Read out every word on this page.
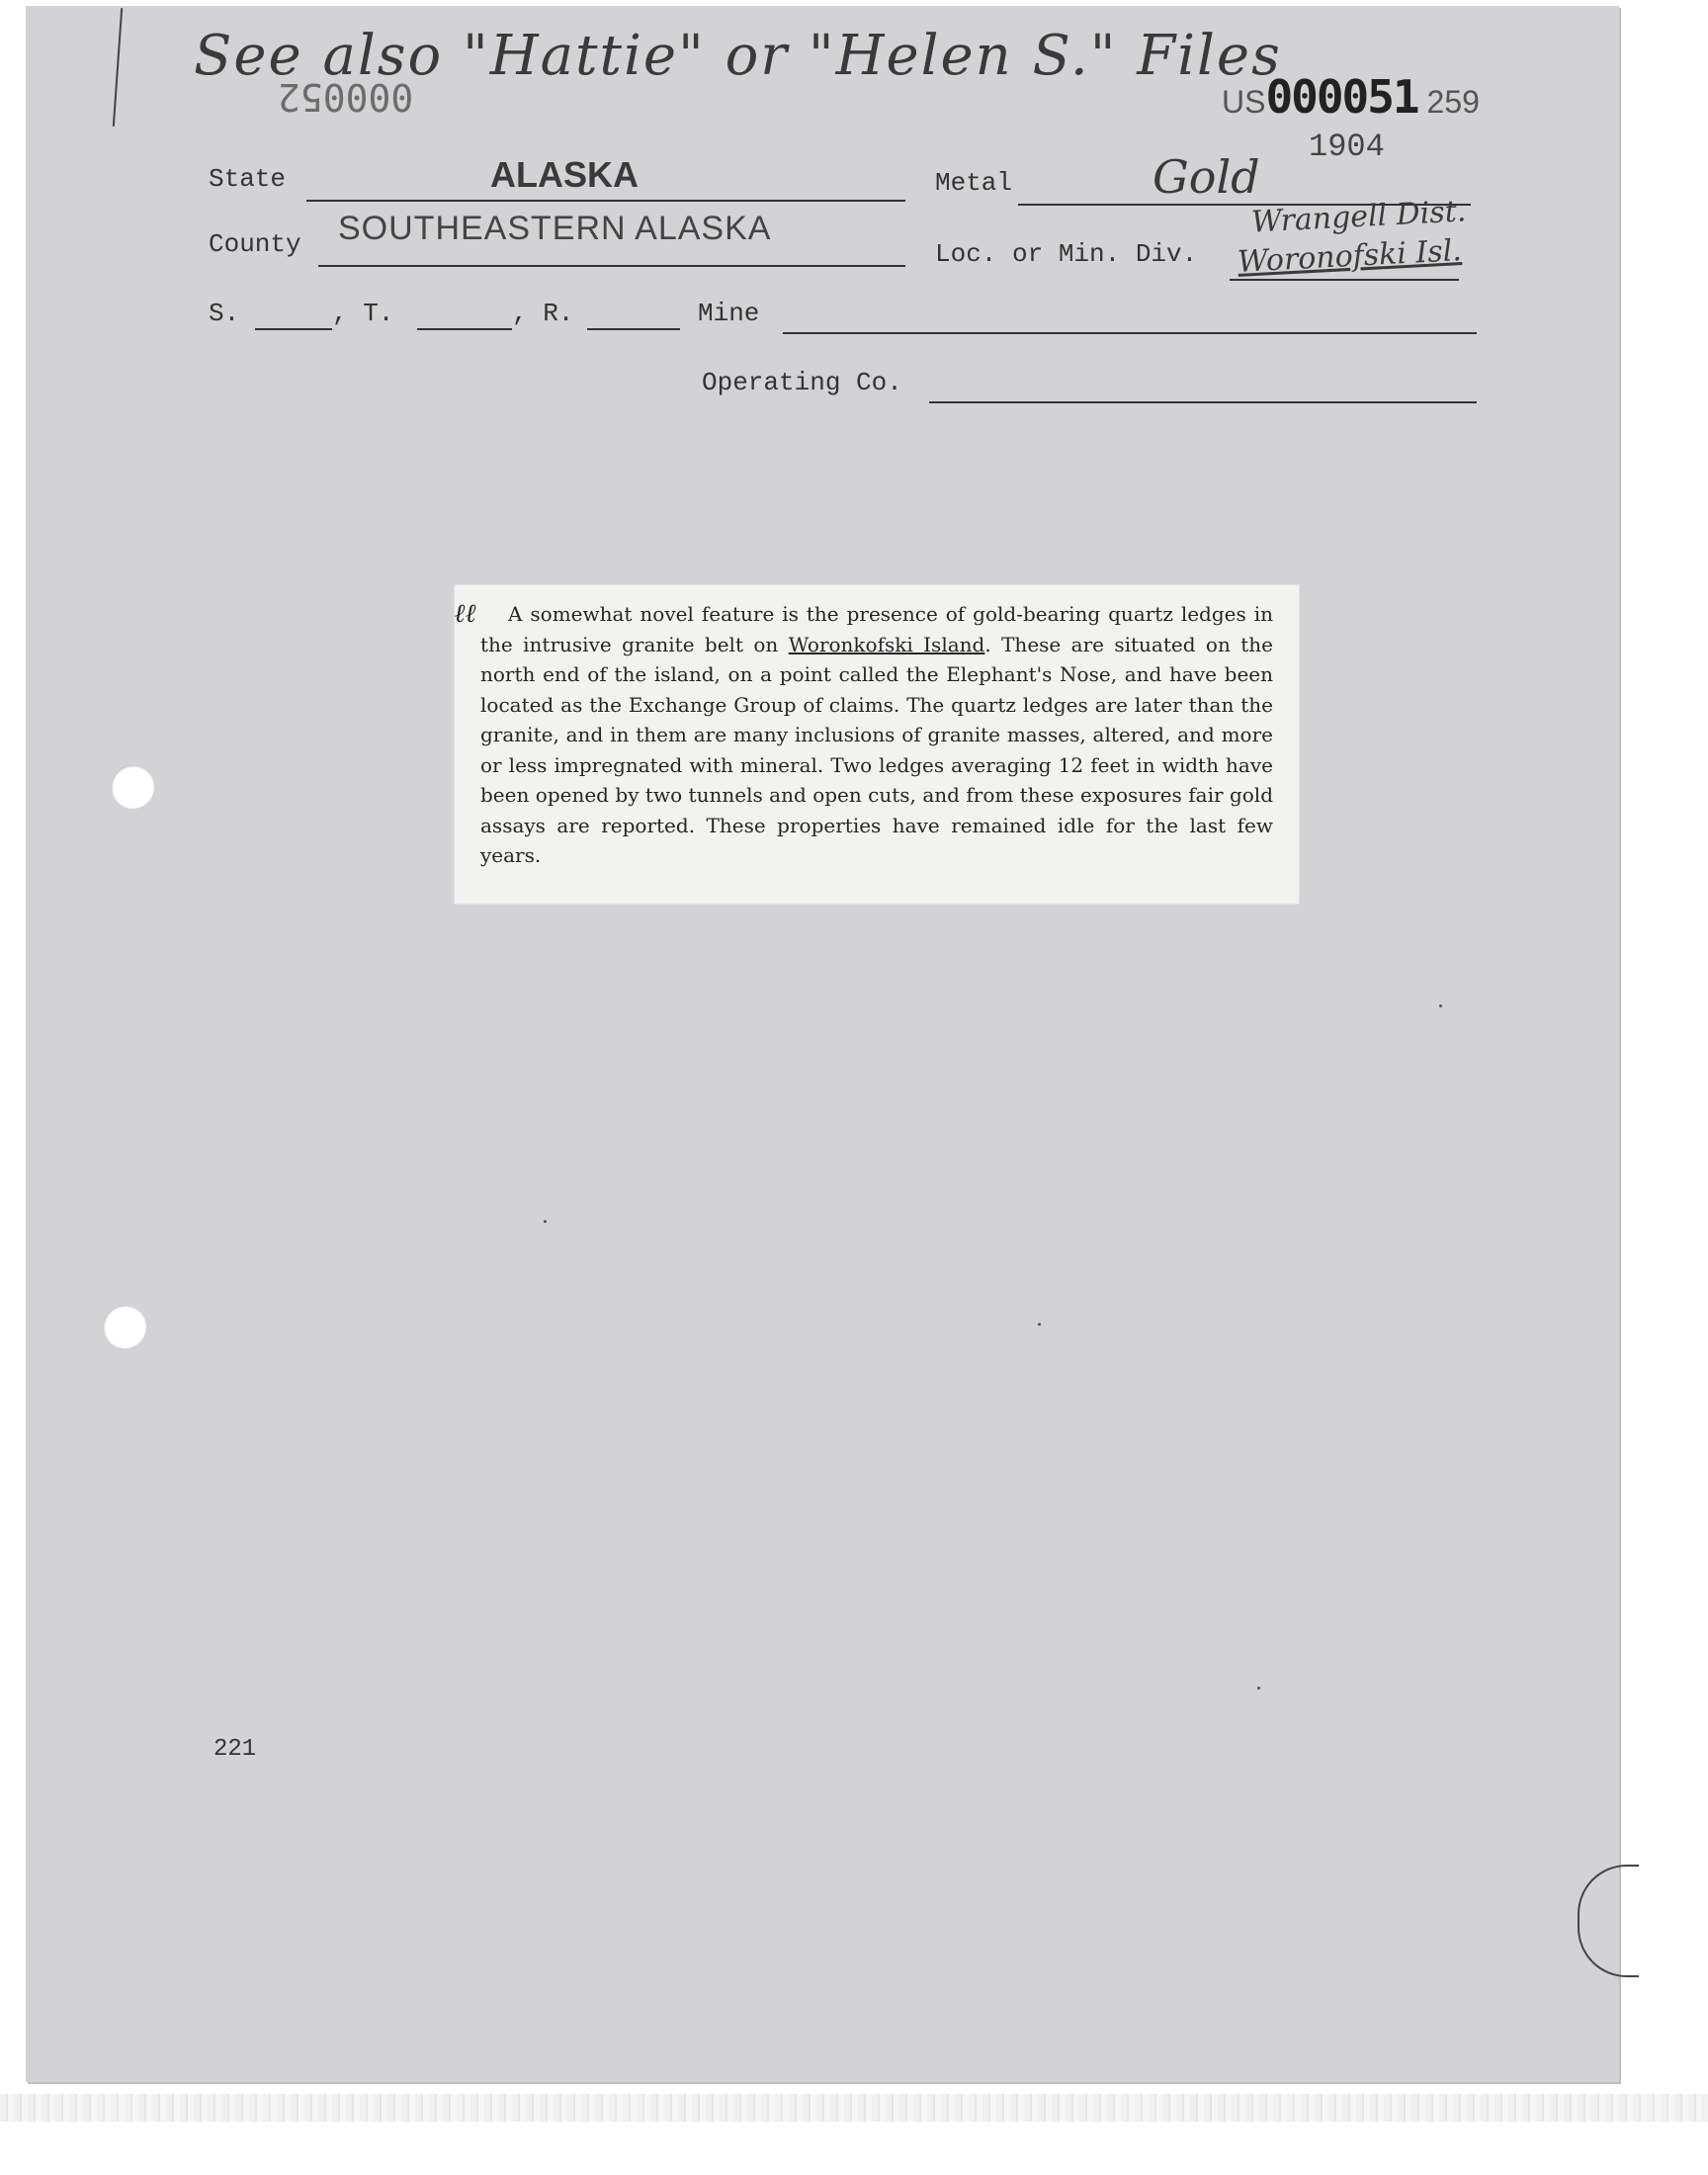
See also "Hattie" or "Helen S." Files
000052	US000051 259
1904
State	ALASKA	Metal	Gold
County SOUTHEASTERN ALASKA
Loc. or Min. Div.
Wrangell Dist.
Woronofski Isl.
S.	, T.	, R.	Mine
Operating Co.
ℓℓ	A somewhat novel feature is the presence of gold-bearing quartz ledges in the intrusive granite belt on Woronkofski Island. These are situated on the north end of the island, on a point called the Elephant's Nose, and have been located as the Exchange Group of claims. The quartz ledges are later than the granite, and in them are many inclusions of granite masses, altered, and more or less impregnated with mineral. Two ledges averaging 12 feet in width have been opened by two tunnels and open cuts, and from these exposures fair gold assays are reported. These properties have remained idle for the last few years.
221
